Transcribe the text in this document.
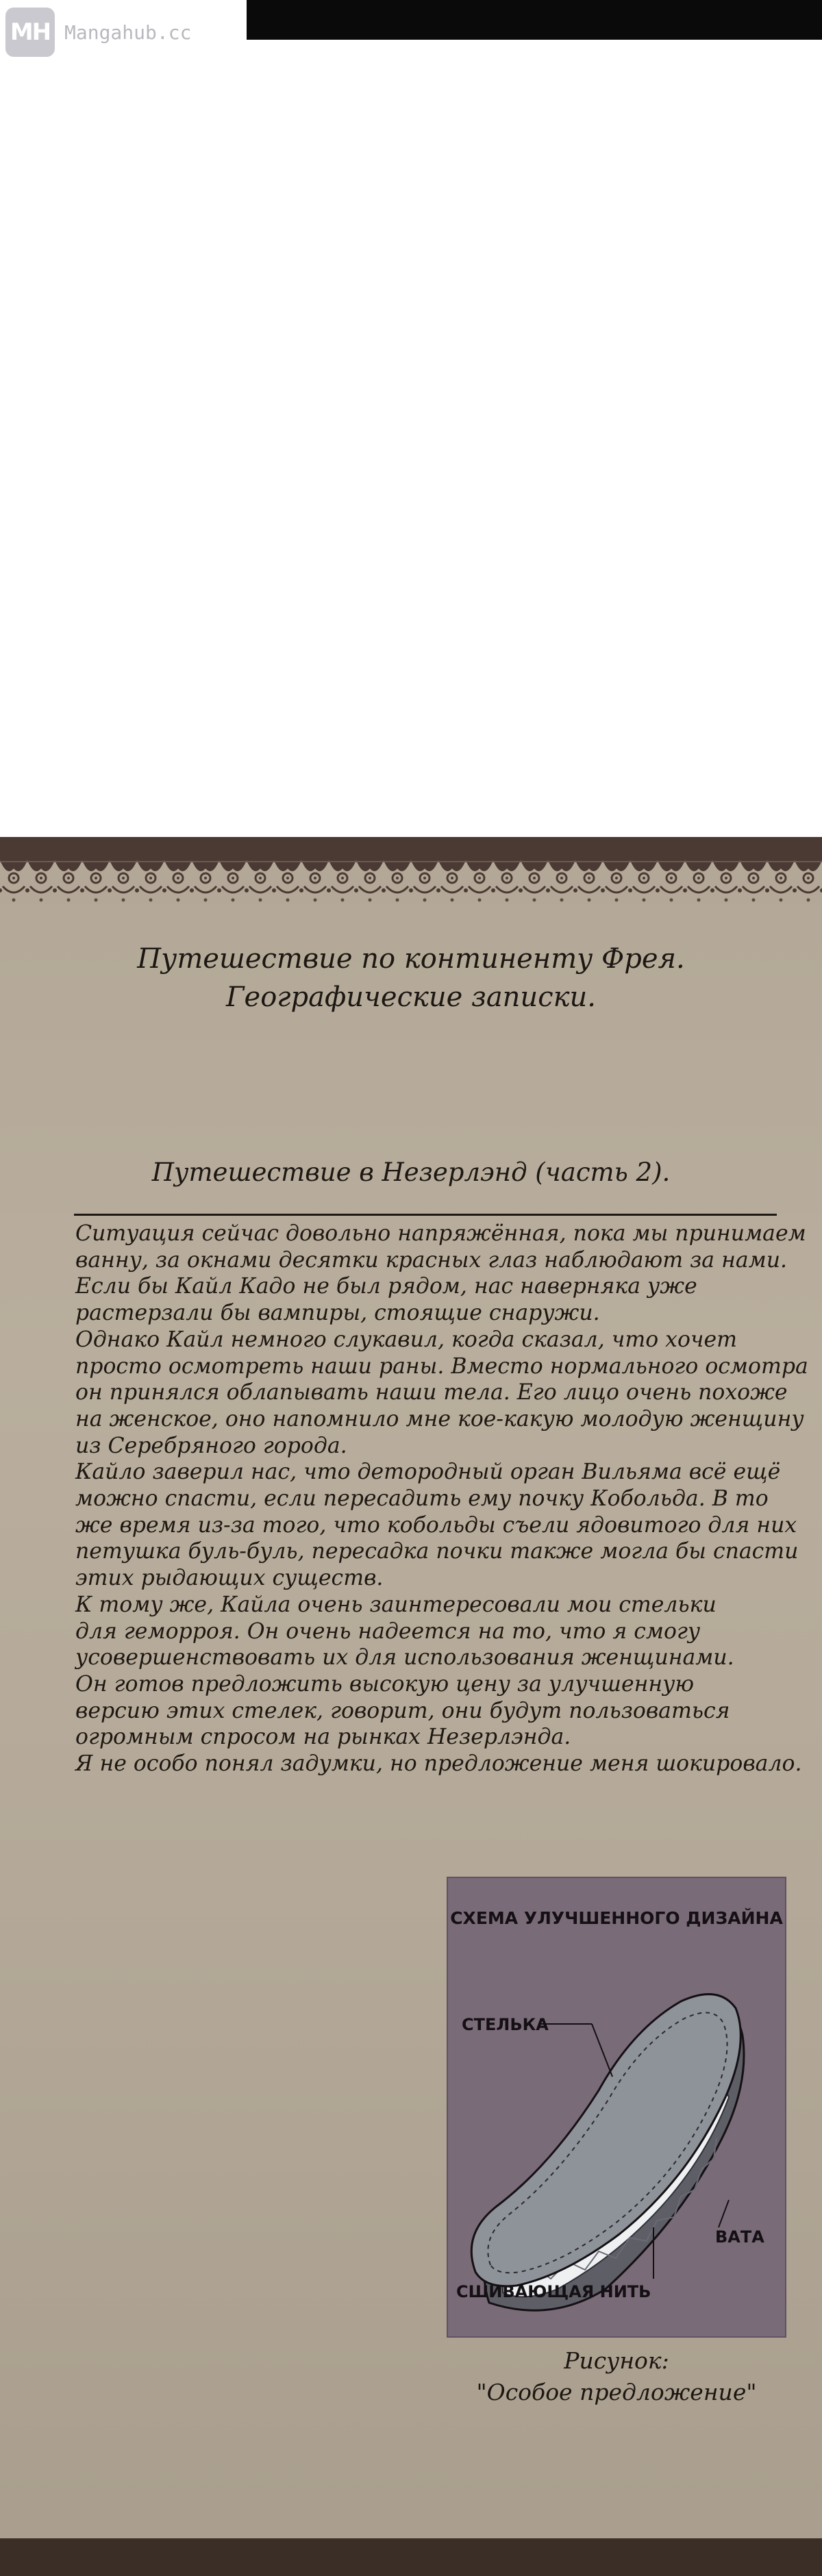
MH Mangahub.cc
Путешествие по континенту Фрея.
Географические записки.
Путешествие в Незерлэнд (часть 2).

Ситуация сейчас довольно напряжённая, пока мы принимаем

ванну, за окнами десятки красных глаз наблюдают за нами.

Если бы Кайл Кадо не был рядом, нас наверняка уже

растерзали бы вампиры, стоящие снаружи.

Однако Кайл немного слукавил, когда сказал, что хочет

просто осмотреть наши раны. Вместо нормального осмотра

он принялся облапывать наши тела. Его лицо очень похоже

на женское, оно напомнило мне кое-какую молодую женщину

из Серебряного города.

Кайло заверил нас, что детородный орган Вильяма всё ещё

можно спасти, если пересадить ему почку Кобольда. В то

же время из-за того, что кобольды съели ядовитого для них

петушка буль-буль, пересадка почки также могла бы спасти

этих рыдающих существ.

К тому же, Кайла очень заинтересовали мои стельки

для геморроя. Он очень надеется на то, что я смогу

усовершенствовать их для использования женщинами.

Он готов предложить высокую цену за улучшенную

версию этих стелек, говорит, они будут пользоваться

огромным спросом на рынках Незерлэнда.

Я не особо понял задумки, но предложение меня шокировало.

СХЕМА УЛУЧШЕННОГО ДИЗАЙНА
СТЕЛЬКА
ВАТА
СШИВАЮЩАЯ НИТЬ
Рисунок:
"Особое предложение"
